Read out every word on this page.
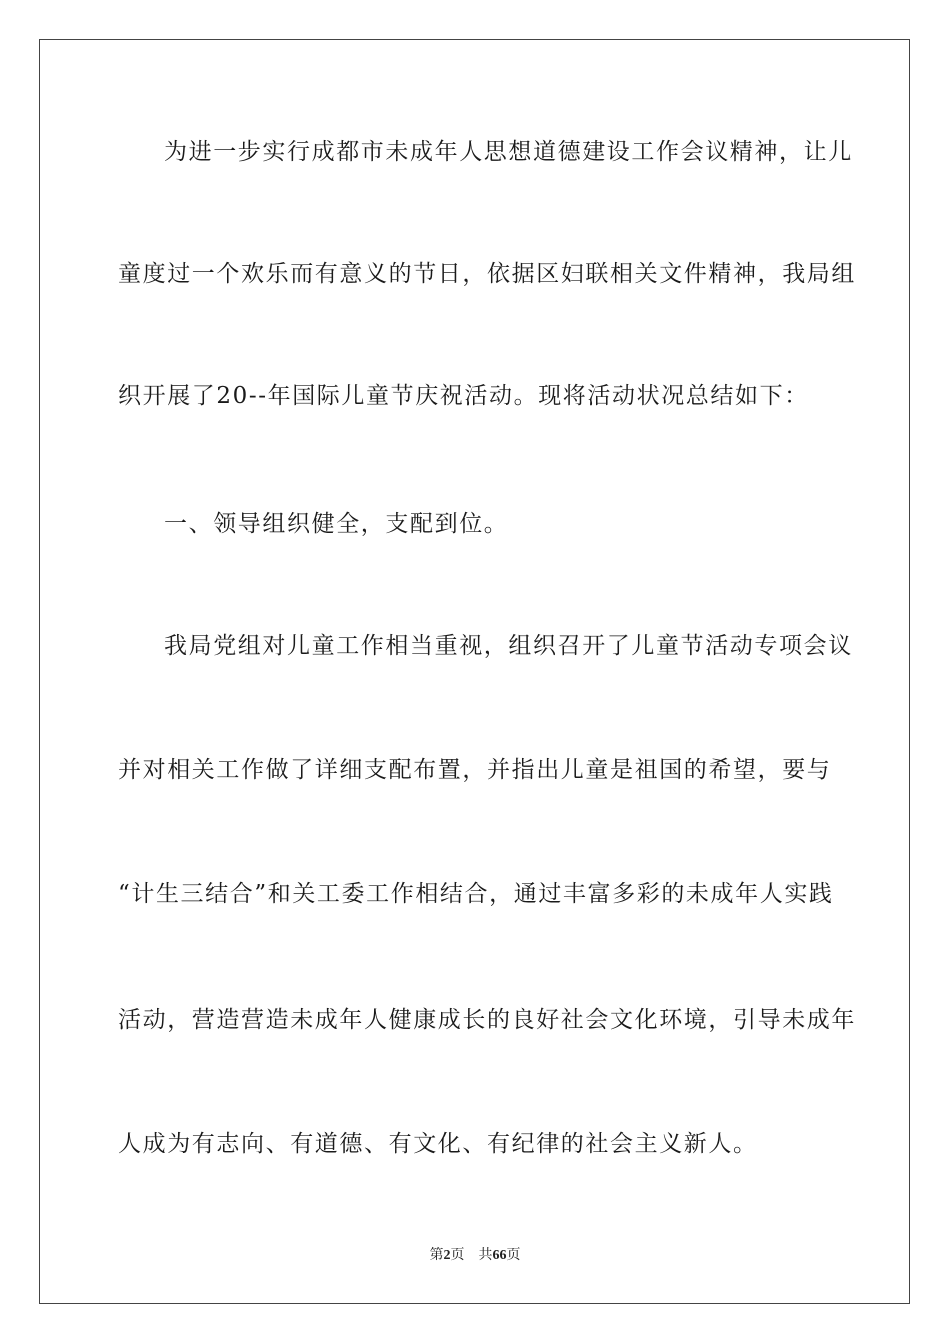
为进一步实行成都市未成年人思想道德建设工作会议精神，让儿
童度过一个欢乐而有意义的节日，依据区妇联相关文件精神，我局组
织开展了20--年国际儿童节庆祝活动。现将活动状况总结如下：
一、领导组织健全，支配到位。
我局党组对儿童工作相当重视，组织召开了儿童节活动专项会议
并对相关工作做了详细支配布置，并指出儿童是祖国的希望，要与
“计生三结合”和关工委工作相结合，通过丰富多彩的未成年人实践
活动，营造营造未成年人健康成长的良好社会文化环境，引导未成年
人成为有志向、有道德、有文化、有纪律的社会主义新人。
第2页 共66页
